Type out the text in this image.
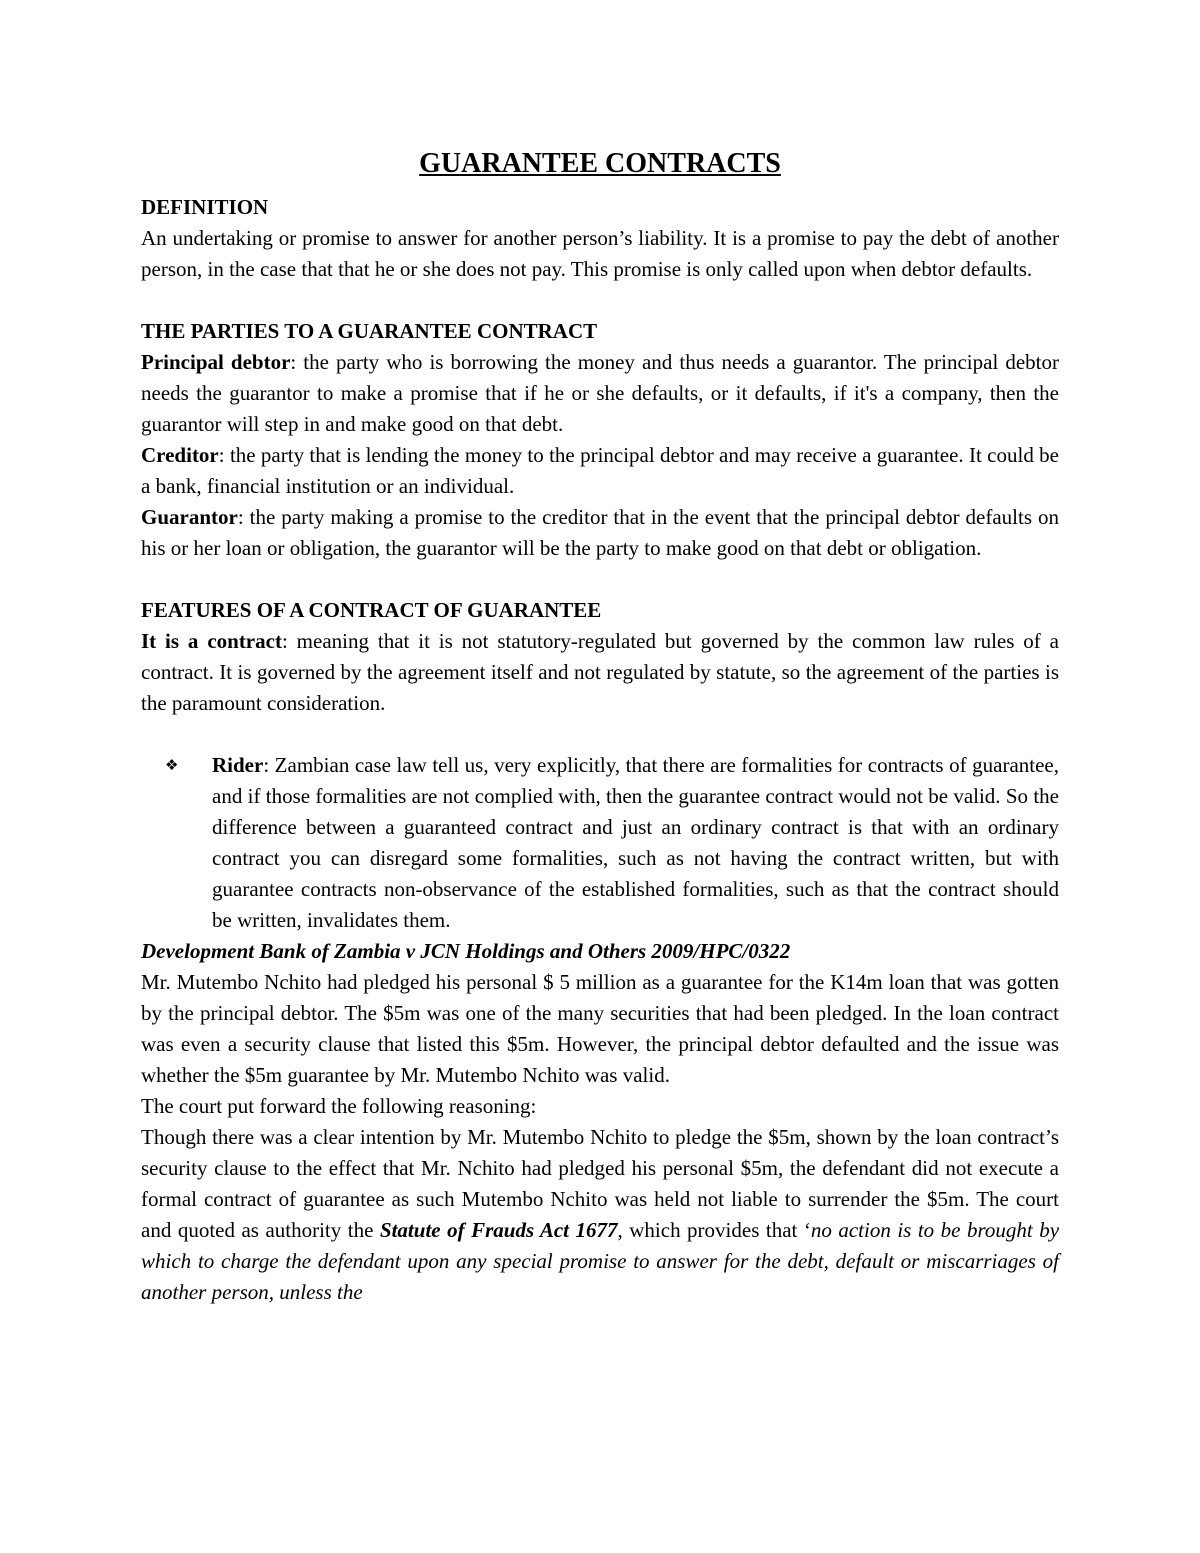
GUARANTEE CONTRACTS
DEFINITION

An undertaking or promise to answer for another person’s liability. It is a promise to pay the debt of another person, in the case that that he or she does not pay. This promise is only called upon when debtor defaults.

THE PARTIES TO A GUARANTEE CONTRACT

Principal debtor: the party who is borrowing the money and thus needs a guarantor. The principal debtor needs the guarantor to make a promise that if he or she defaults, or it defaults, if it's a company, then the guarantor will step in and make good on that debt.

Creditor: the party that is lending the money to the principal debtor and may receive a guarantee. It could be a bank, financial institution or an individual.

Guarantor: the party making a promise to the creditor that in the event that the principal debtor defaults on his or her loan or obligation, the guarantor will be the party to make good on that debt or obligation.

FEATURES OF A CONTRACT OF GUARANTEE

It is a contract: meaning that it is not statutory-regulated but governed by the common law rules of a contract. It is governed by the agreement itself and not regulated by statute, so the agreement of the parties is the paramount consideration.

❖ Rider: Zambian case law tell us, very explicitly, that there are formalities for contracts of guarantee, and if those formalities are not complied with, then the guarantee contract would not be valid. So the difference between a guaranteed contract and just an ordinary contract is that with an ordinary contract you can disregard some formalities, such as not having the contract written, but with guarantee contracts non-observance of the established formalities, such as that the contract should be written, invalidates them.
Development Bank of Zambia v JCN Holdings and Others 2009/HPC/0322

Mr. Mutembo Nchito had pledged his personal $ 5 million as a guarantee for the K14m loan that was gotten by the principal debtor. The $5m was one of the many securities that had been pledged. In the loan contract was even a security clause that listed this $5m. However, the principal debtor defaulted and the issue was whether the $5m guarantee by Mr. Mutembo Nchito was valid.

The court put forward the following reasoning:

Though there was a clear intention by Mr. Mutembo Nchito to pledge the $5m, shown by the loan contract’s security clause to the effect that Mr. Nchito had pledged his personal $5m, the defendant did not execute a formal contract of guarantee as such Mutembo Nchito was held not liable to surrender the $5m. The court and quoted as authority the Statute of Frauds Act 1677, which provides that ‘no action is to be brought by which to charge the defendant upon any special promise to answer for the debt, default or miscarriages of another person, unless the
